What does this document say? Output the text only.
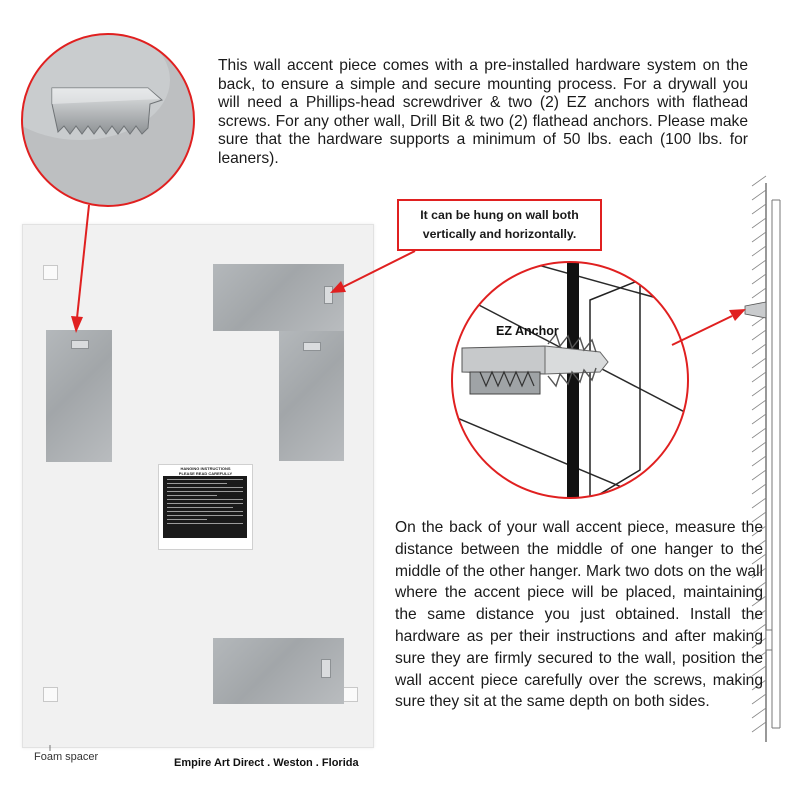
This wall accent piece comes with a pre-installed hardware system on the back, to ensure a simple and secure mounting process. For a drywall you will need a Phillips-head screwdriver & two (2) EZ anchors with flathead screws. For any other wall, Drill Bit & two (2) flathead anchors. Please make sure that the hardware supports a minimum of 50 lbs. each (100 lbs. for leaners).
HANGING INSTRUCTIONS
PLEASE READ CAREFULLY
EZ Anchor
It can be hung on wall both vertically and horizontally.
On the back of your wall accent piece, measure the distance between the middle of one hanger to the middle of the other hanger. Mark two dots on the wall where the accent piece will be placed, maintaining the same distance you just obtained. Install the hardware as per their instructions and after making sure they are firmly secured to the wall, position the wall accent piece carefully over the screws, making sure they sit at the same depth on both sides.
Foam spacer	Empire Art Direct . Weston . Florida
